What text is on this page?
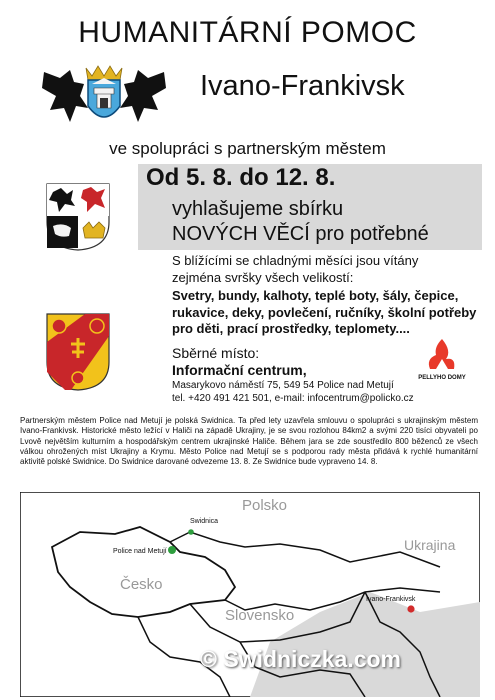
HUMANITÁRNÍ POMOC
Ivano-Frankivsk
ve spolupráci s partnerským městem
Od 5. 8. do 12. 8.
vyhlašujeme sbírku
NOVÝCH VĚCÍ pro potřebné
S blížícími se chladnými měsíci jsou vítány
zejména svršky všech velikostí:
Svetry, bundy, kalhoty, teplé boty, šály, čepice, rukavice, deky, povlečení, ručníky, školní potřeby pro děti, prací prostředky, teplomety....
Sběrné místo:
Informační centrum,
Masarykovo náměstí 75, 549 54 Police nad Metují
tel. +420 491 421 501, e-mail: infocentrum@policko.cz
PELLYHO DOMY
Partnerským městem Police nad Metují je polská Swidnica. Ta před lety uzavřela smlouvu o spolupráci s ukrajinským městem Ivano-Frankivsk. Historické město ležící v Haliči na západě Ukrajiny, je se svou rozlohou 84km2 a svými 220 tisíci obyvateli po Lvově největším kulturním a hospodářským centrem ukrajinské Haliče. Během jara se zde soustředilo 800 běženců ze všech válkou ohrožených míst Ukrajiny a Krymu. Město Police nad Metují se s podporou rady města přidává k rychlé humanitární aktivitě polské Swidnice. Do Swidnice darované odvezeme 13. 8. Ze Swidnice bude vypraveno 14. 8.
Polsko
Ukrajina
Česko
Slovensko
Swidnica
Police nad Metují
Ivano-Frankivsk
© Swidniczka.com
